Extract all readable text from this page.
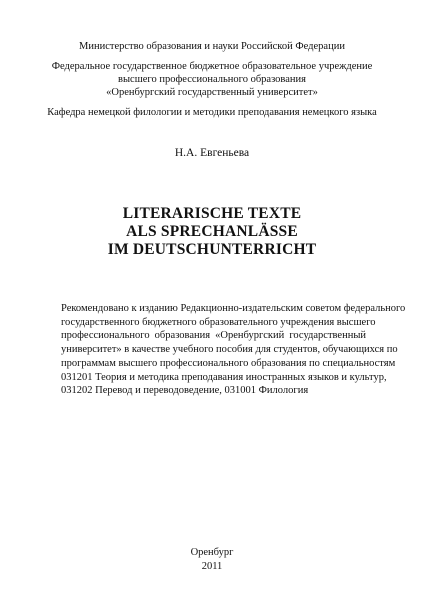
Министерство образования и науки Российской Федерации
Федеральное государственное бюджетное образовательное учреждение
высшего профессионального образования
«Оренбургский государственный университет»
Кафедра немецкой филологии и методики преподавания немецкого языка
Н.А. Евгеньева
LITERARISCHE TEXTE
ALS SPRECHANLÄSSE
IM DEUTSCHUNTERRICHT
Рекомендовано к изданию Редакционно-издательским советом федерального
государственного бюджетного образовательного учреждения высшего
профессионального образования «Оренбургский государственный
университет» в качестве учебного пособия для студентов, обучающихся по
программам высшего профессионального образования по специальностям
031201 Теория и методика преподавания иностранных языков и культур,
031202 Перевод и переводоведение, 031001 Филология
Оренбург
2011
